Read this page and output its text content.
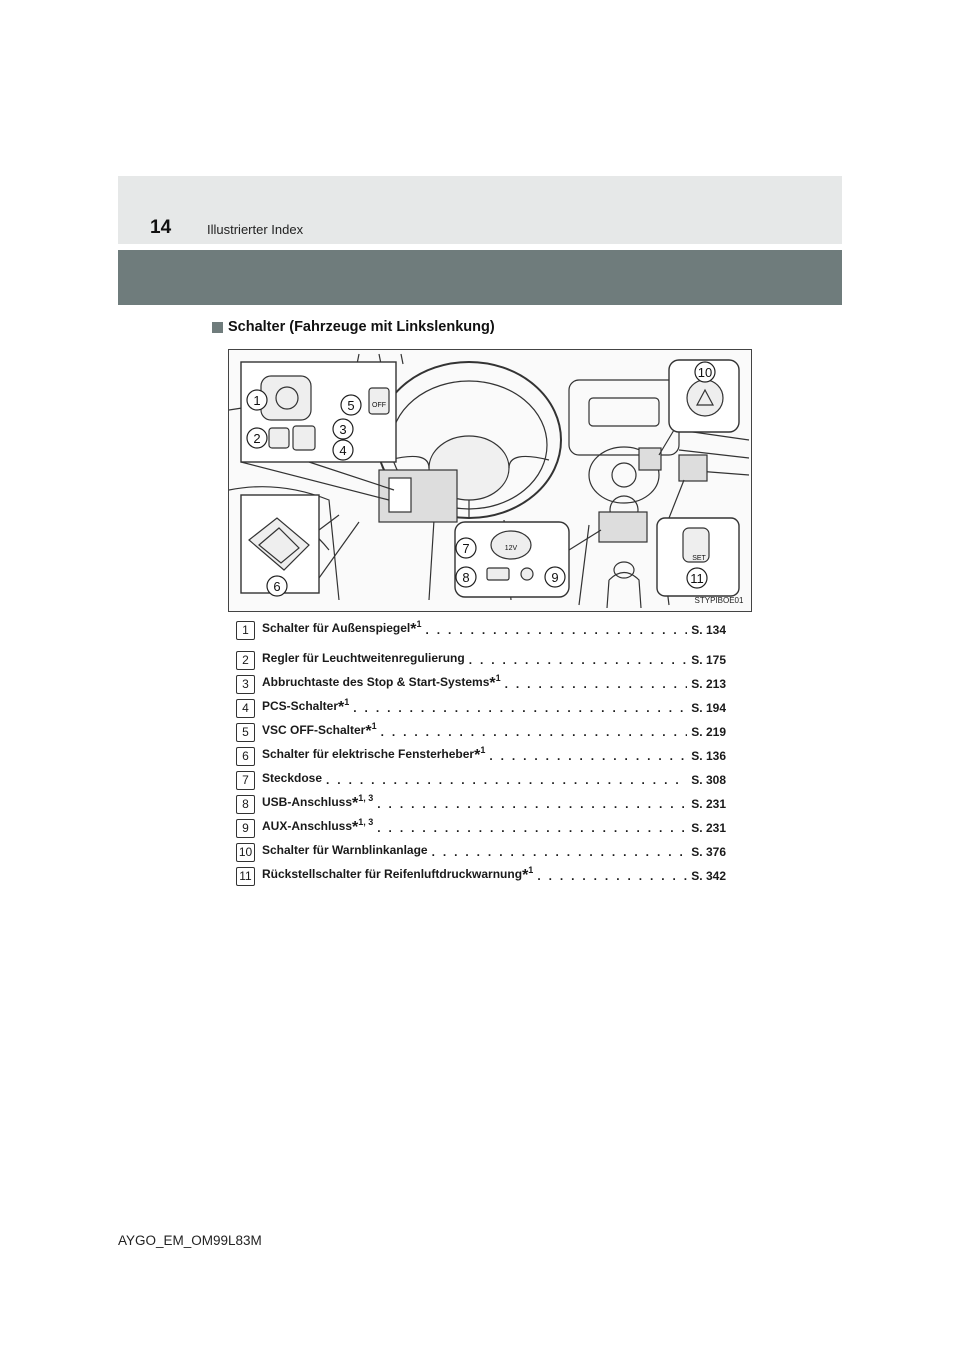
14	Illustrierter Index
Schalter (Fahrzeuge mit Linkslenkung)
OFF
12V
SET
1
2
3
4
5
6
7
8	9
10
11
STYPIBOE01
1	Schalter für Außenspiegel*$^1$ . . .	S. 134
2	Regler für Leuchtweitenregulierung . . .	S. 175
3	Abbruchtaste des Stop & Start-Systems*$^1$ . . .	S. 213
4	PCS-Schalter*$^1$ . . .	S. 194
5	VSC OFF-Schalter*$^1$ . . .	S. 219
6	Schalter für elektrische Fensterheber*$^1$ . . .	S. 136
7	Steckdose . . .	S. 308
8	USB-Anschluss*$^{1, 3}$ . . .	S. 231
9	AUX-Anschluss*$^{1, 3}$ . . .	S. 231
10 Schalter für Warnblinkanlage . . .	S. 376
11 Rückstellschalter für Reifenluftdruckwarnung*$^1$ . . .	S. 342
AYGO_EM_OM99L83M
